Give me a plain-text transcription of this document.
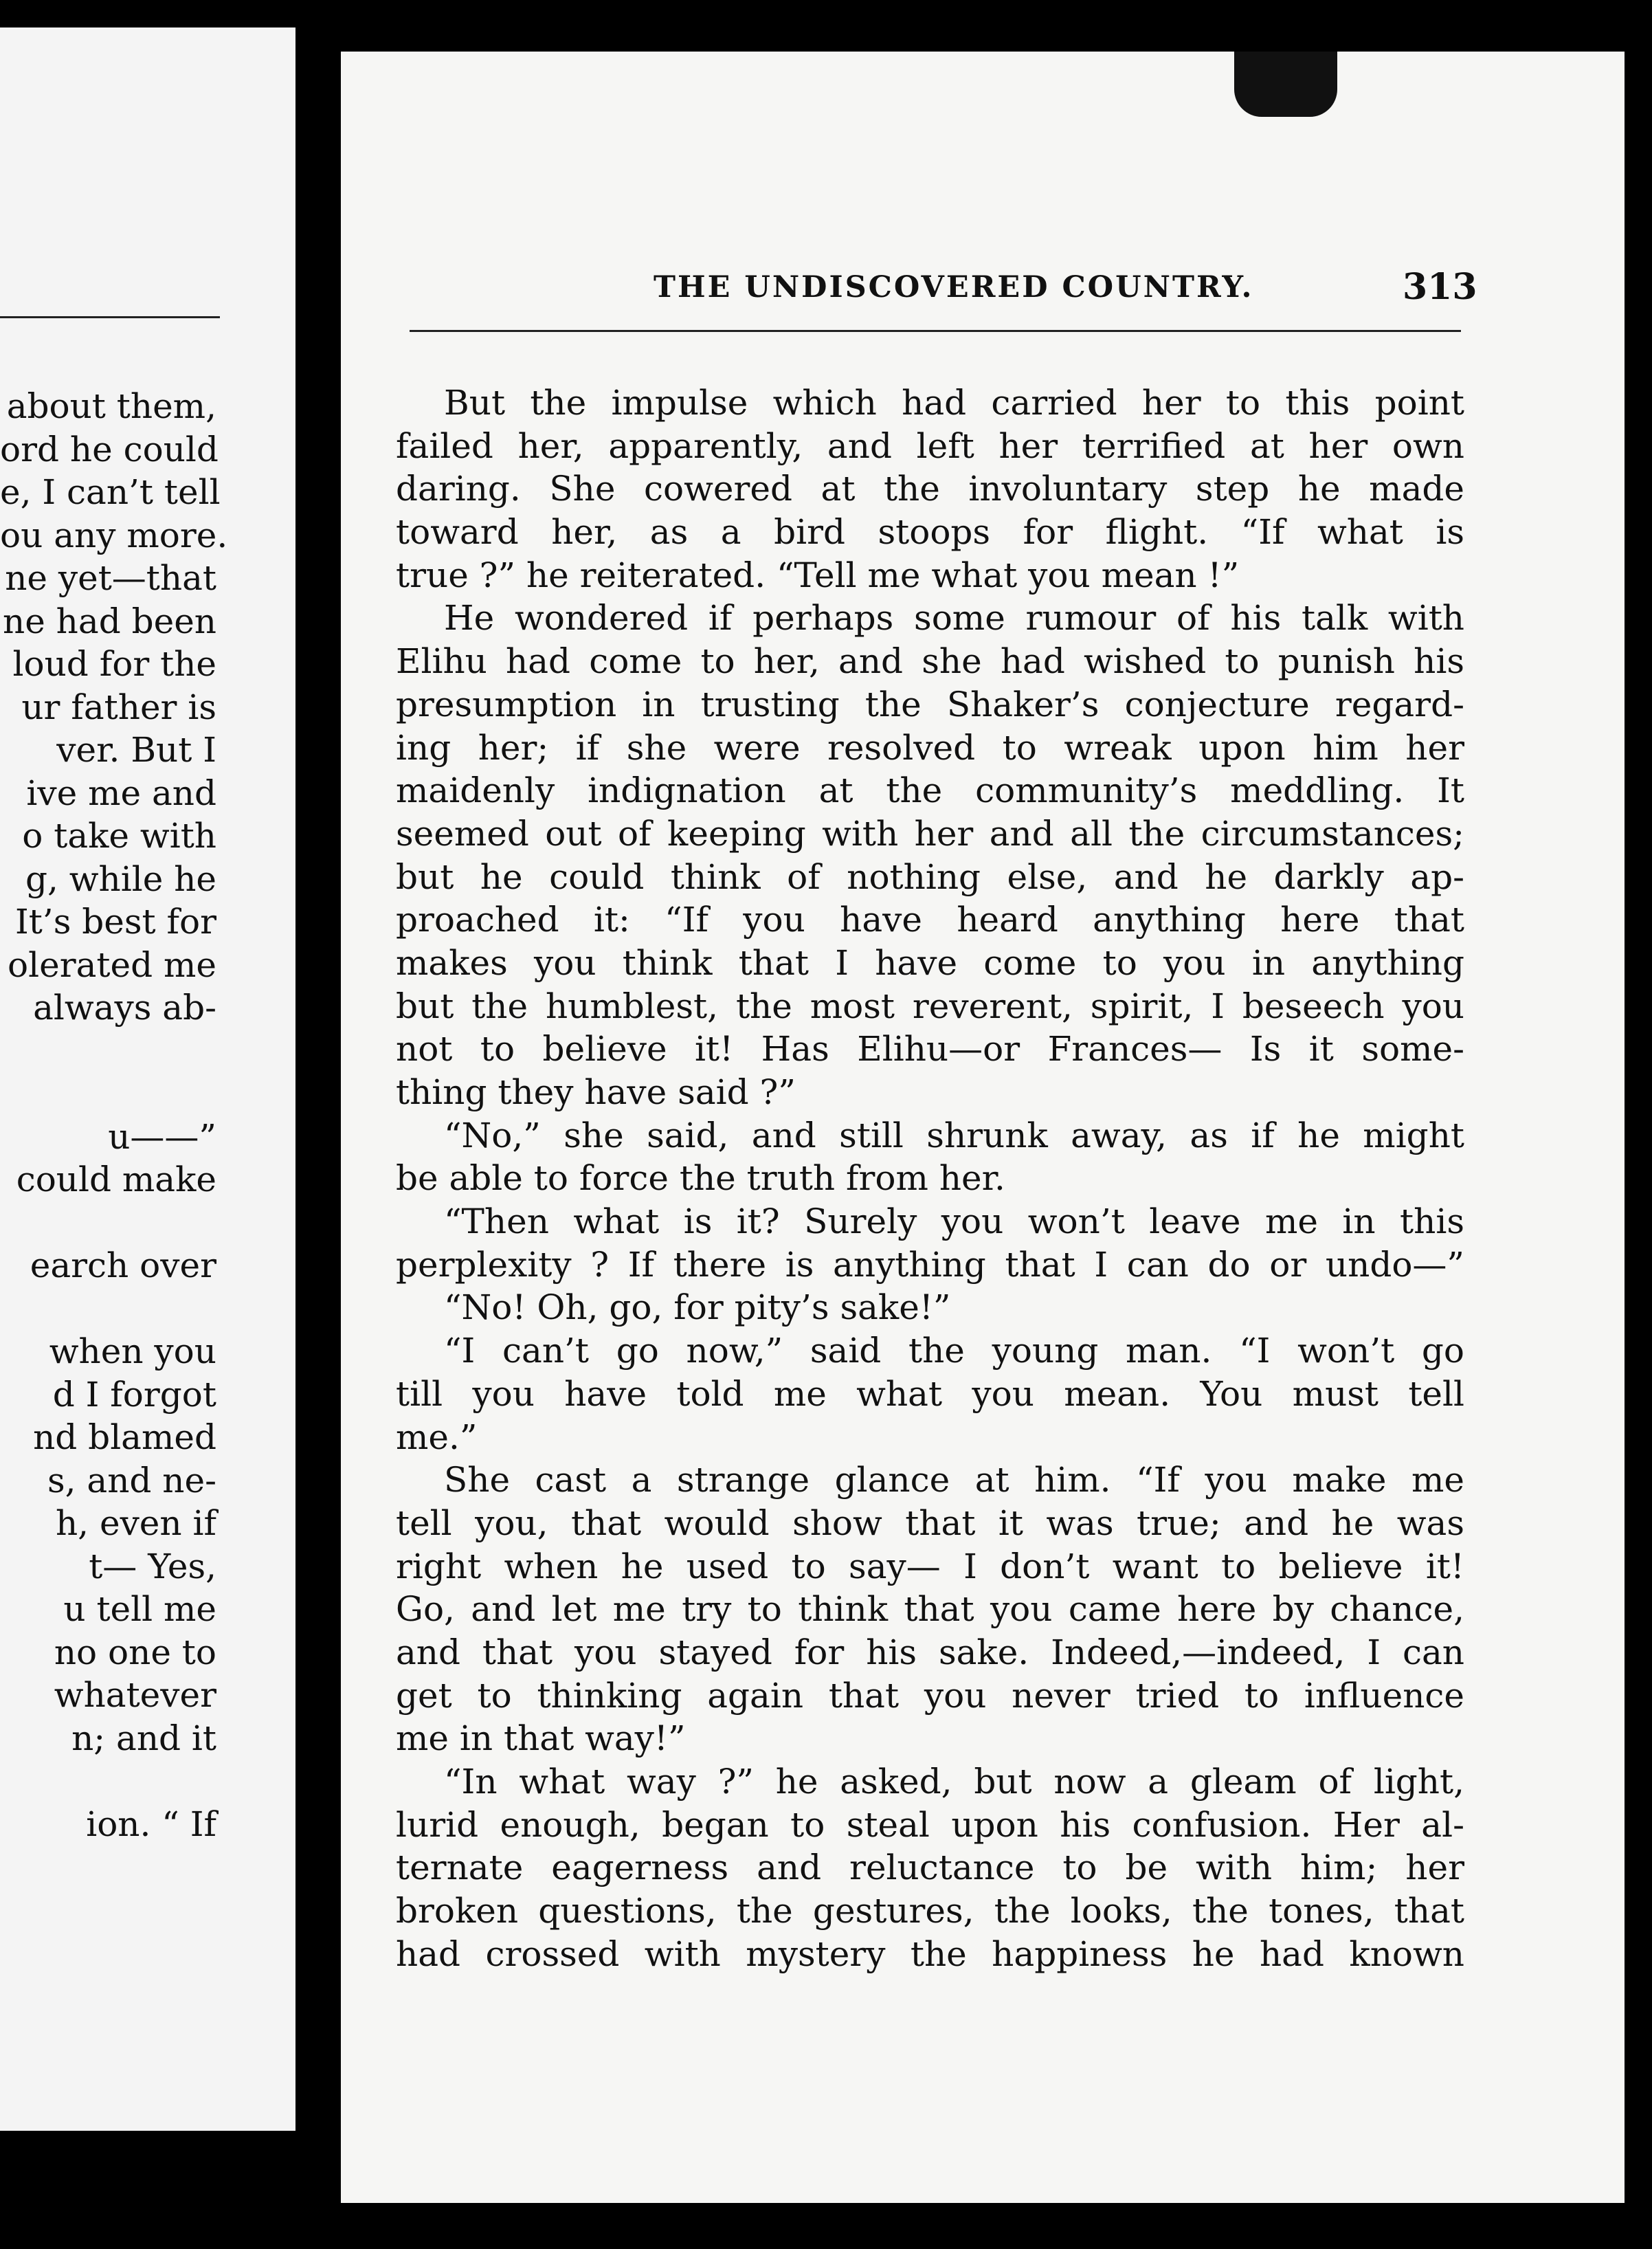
about them,
ord he could
e, I can’t tell
ou any more.
ne yet—that
ne had been
loud for the
ur father is
ver. But I
ive me and
o take with
g, while he
It’s best for
olerated me
always ab-
u——”
could make
earch over
when you
d I forgot
nd blamed
s, and ne-
h, even if
t— Yes,
u tell me
no one to
whatever
n; and it
ion. “ If
THE UNDISCOVERED COUNTRY.	313
But the impulse which had carried her to this point
failed her, apparently, and left her terrified at her own
daring. She cowered at the involuntary step he made
toward her, as a bird stoops for flight. “If what is
true ?” he reiterated. “Tell me what you mean !”
He wondered if perhaps some rumour of his talk with
Elihu had come to her, and she had wished to punish his
presumption in trusting the Shaker’s conjecture regard-
ing her; if she were resolved to wreak upon him her
maidenly indignation at the community’s meddling. It
seemed out of keeping with her and all the circumstances;
but he could think of nothing else, and he darkly ap-
proached it: “If you have heard anything here that
makes you think that I have come to you in anything
but the humblest, the most reverent, spirit, I beseech you
not to believe it! Has Elihu—or Frances— Is it some-
thing they have said ?”
“No,” she said, and still shrunk away, as if he might
be able to force the truth from her.
“Then what is it? Surely you won’t leave me in this
perplexity ? If there is anything that I can do or undo—”
“No! Oh, go, for pity’s sake!”
“I can’t go now,” said the young man. “I won’t go
till you have told me what you mean. You must tell
me.”
She cast a strange glance at him. “If you make me
tell you, that would show that it was true; and he was
right when he used to say— I don’t want to believe it!
Go, and let me try to think that you came here by chance,
and that you stayed for his sake. Indeed,—indeed, I can
get to thinking again that you never tried to influence
me in that way!”
“In what way ?” he asked, but now a gleam of light,
lurid enough, began to steal upon his confusion. Her al-
ternate eagerness and reluctance to be with him; her
broken questions, the gestures, the looks, the tones, that
had crossed with mystery the happiness he had known
